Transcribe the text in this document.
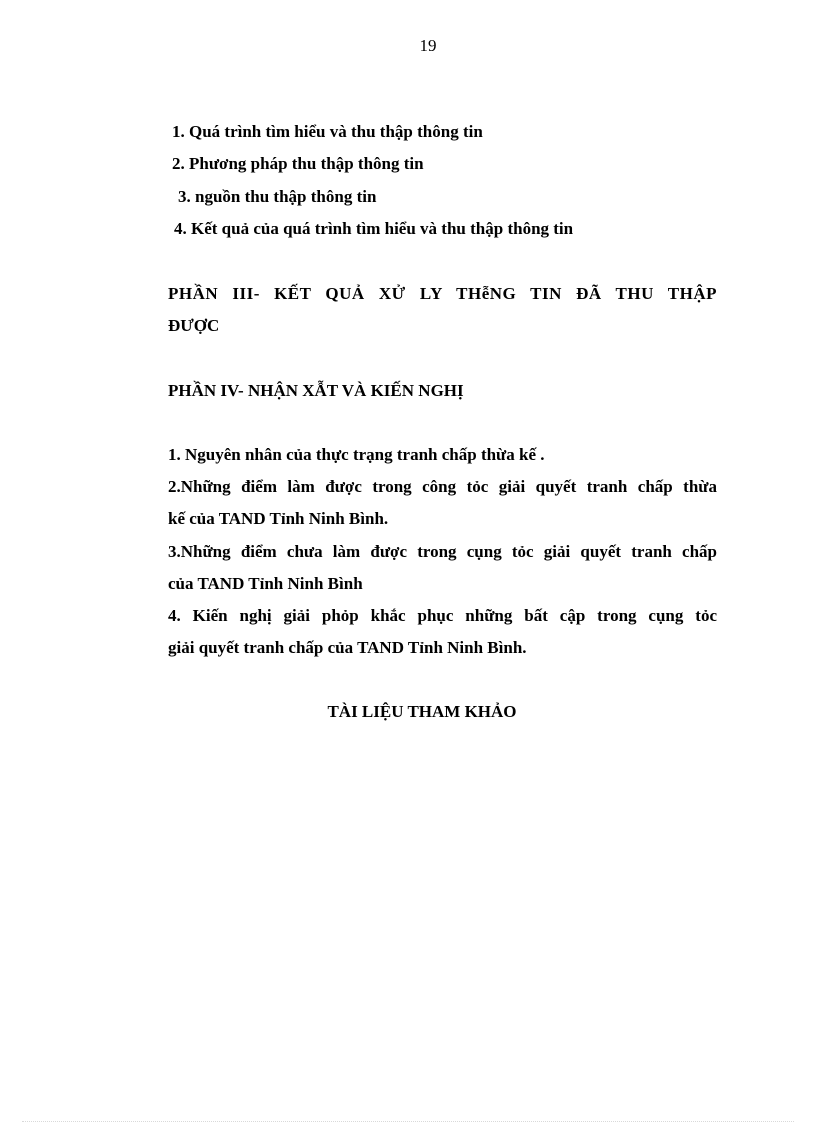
19
1. Quá trình tìm hiểu và thu thập thông tin
2. Phương pháp thu thập thông tin
3. nguồn thu thập thông tin
4. Kết quả của quá trình tìm hiểu và thu thập thông tin
PHẦN III- KẾT QUẢ XỬ LY THễNG TIN ĐÃ THU THẬP
ĐƯỢC
PHẦN IV- NHẬN XẪT VÀ KIẾN NGHỊ
1. Nguyên nhân của thực trạng tranh chấp thừa kế .
2.Những điểm làm được trong công tỏc giải quyết tranh chấp thừa
kế của TAND Tỉnh Ninh Bình.
3.Những điểm chưa làm được trong cụng tỏc giải quyết tranh chấp
của TAND Tỉnh Ninh Bình
4. Kiến nghị giải phỏp khắc phục những bất cập trong cụng tỏc
giải quyết tranh chấp của TAND Tỉnh Ninh Bình.
TÀI LIỆU THAM KHẢO
